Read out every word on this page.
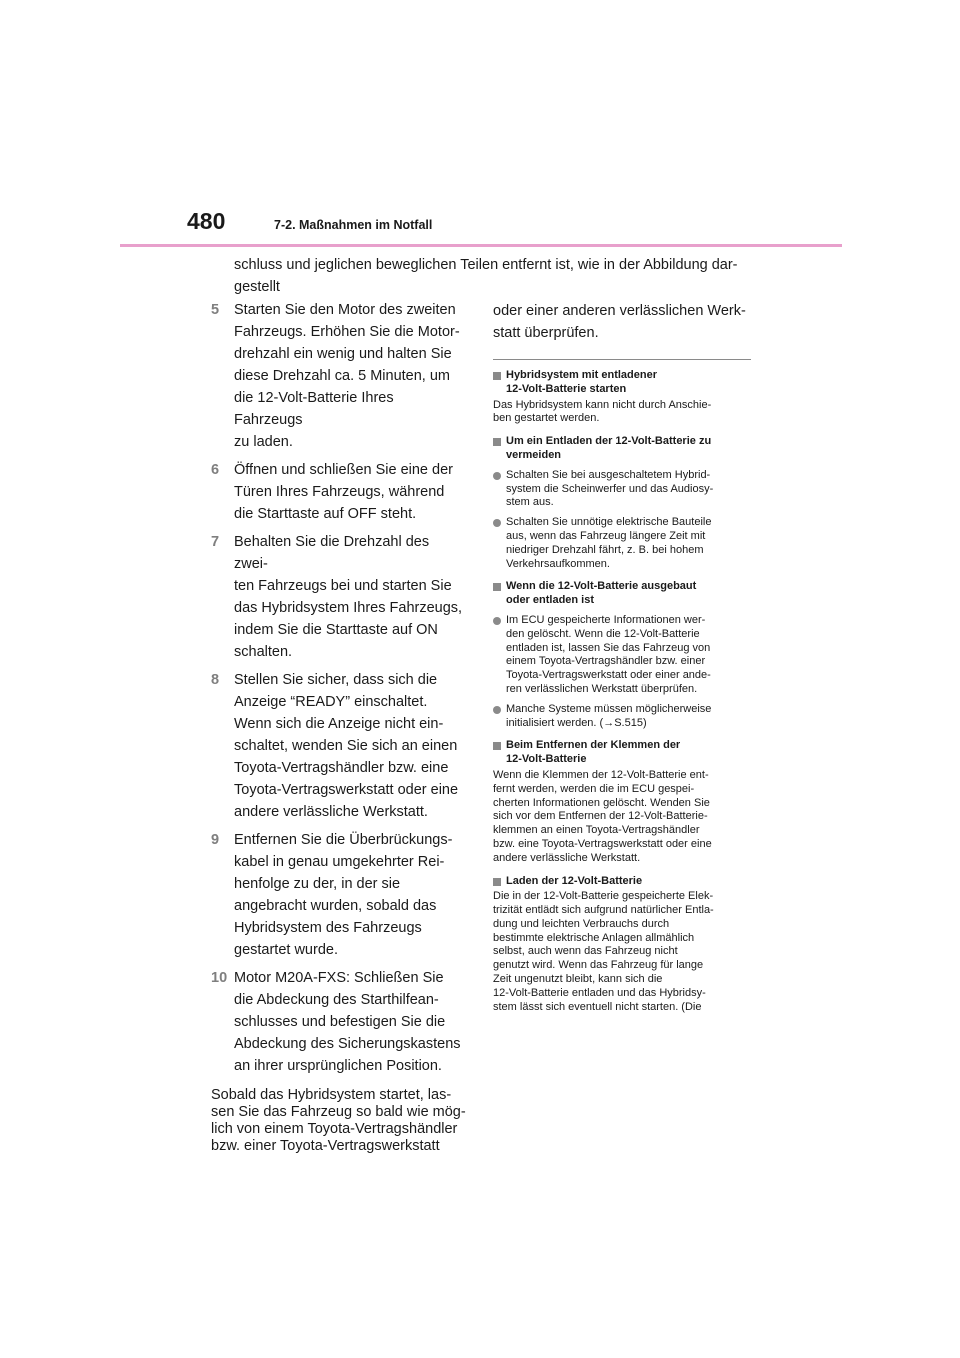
480	7-2. Maßnahmen im Notfall

schluss und jeglichen beweglichen Teilen entfernt ist, wie in der Abbildung dar-

gestellt

5	Starten Sie den Motor des zweiten
Fahrzeugs. Erhöhen Sie die Motor-
drehzahl ein wenig und halten Sie
diese Drehzahl ca. 5 Minuten, um
die 12-Volt-Batterie Ihres Fahrzeugs
zu laden.

6	Öffnen und schließen Sie eine der
Türen Ihres Fahrzeugs, während
die Starttaste auf OFF steht.

7	Behalten Sie die Drehzahl des zwei-
ten Fahrzeugs bei und starten Sie
das Hybridsystem Ihres Fahrzeugs,
indem Sie die Starttaste auf ON
schalten.

8	Stellen Sie sicher, dass sich die
Anzeige “READY” einschaltet.
Wenn sich die Anzeige nicht ein-
schaltet, wenden Sie sich an einen
Toyota-Vertragshändler bzw. eine
Toyota-Vertragswerkstatt oder eine
andere verlässliche Werkstatt.

9	Entfernen Sie die Überbrückungs-
kabel in genau umgekehrter Rei-
henfolge zu der, in der sie
angebracht wurden, sobald das
Hybridsystem des Fahrzeugs
gestartet wurde.

10 Motor M20A-FXS: Schließen Sie
die Abdeckung des Starthilfean-
schlusses und befestigen Sie die
Abdeckung des Sicherungskastens
an ihrer ursprünglichen Position.

Sobald das Hybridsystem startet, las-
sen Sie das Fahrzeug so bald wie mög-
lich von einem Toyota-Vertragshändler
bzw. einer Toyota-Vertragswerkstatt

oder einer anderen verlässlichen Werk-
statt überprüfen.

Hybridsystem mit entladener
12-Volt-Batterie starten

Das Hybridsystem kann nicht durch Anschie-
ben gestartet werden.

Um ein Entladen der 12-Volt-Batterie zu
vermeiden

Schalten Sie bei ausgeschaltetem Hybrid-
system die Scheinwerfer und das Audiosy-
stem aus.

Schalten Sie unnötige elektrische Bauteile
aus, wenn das Fahrzeug längere Zeit mit
niedriger Drehzahl fährt, z. B. bei hohem
Verkehrsaufkommen.

Wenn die 12-Volt-Batterie ausgebaut
oder entladen ist

Im ECU gespeicherte Informationen wer-
den gelöscht. Wenn die 12-Volt-Batterie
entladen ist, lassen Sie das Fahrzeug von
einem Toyota-Vertragshändler bzw. einer
Toyota-Vertragswerkstatt oder einer ande-
ren verlässlichen Werkstatt überprüfen.

Manche Systeme müssen möglicherweise
initialisiert werden. (→S.515)

Beim Entfernen der Klemmen der
12-Volt-Batterie

Wenn die Klemmen der 12-Volt-Batterie ent-
fernt werden, werden die im ECU gespei-
cherten Informationen gelöscht. Wenden Sie
sich vor dem Entfernen der 12-Volt-Batterie-
klemmen an einen Toyota-Vertragshändler
bzw. eine Toyota-Vertragswerkstatt oder eine
andere verlässliche Werkstatt.

Laden der 12-Volt-Batterie

Die in der 12-Volt-Batterie gespeicherte Elek-
trizität entlädt sich aufgrund natürlicher Entla-
dung und leichten Verbrauchs durch
bestimmte elektrische Anlagen allmählich
selbst, auch wenn das Fahrzeug nicht
genutzt wird. Wenn das Fahrzeug für lange
Zeit ungenutzt bleibt, kann sich die
12-Volt-Batterie entladen und das Hybridsy-
stem lässt sich eventuell nicht starten. (Die
